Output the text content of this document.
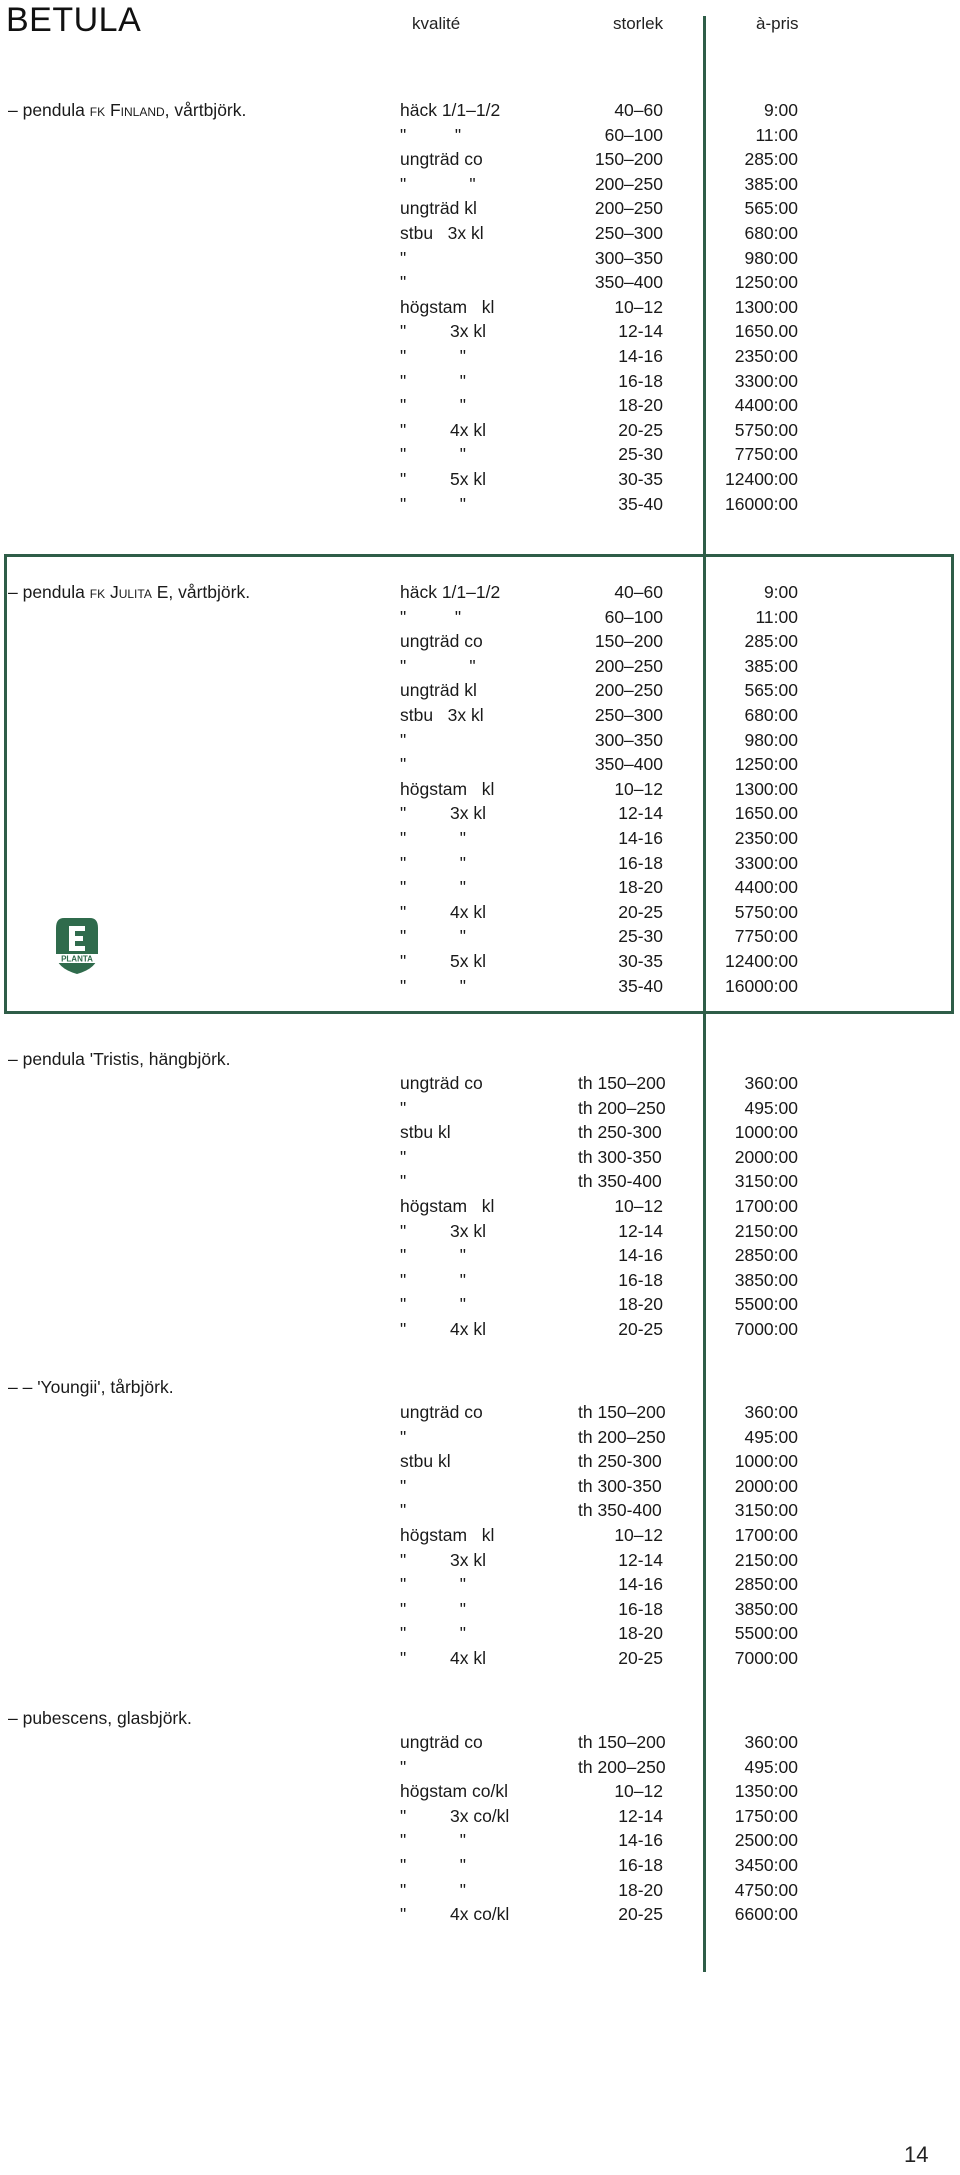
BETULA	kvalité	storlek	à-pris
– pendula fk Finland, vårtbjörk.	häck 1/1–1/2	40–60	9:00
"          "	60–100	11:00
ungträd co	150–200	285:00
"             "	200–250	385:00
ungträd kl	200–250	565:00
stbu   3x kl	250–300	680:00
"	300–350	980:00
"	350–400	1250:00
högstam   kl	10–12	1300:00
"         3x kl	12-14	1650.00
"           "	14-16	2350:00
"           "	16-18	3300:00
"           "	18-20	4400:00
"         4x kl	20-25	5750:00
"           "	25-30	7750:00
"         5x kl	30-35	12400:00
"           "	35-40	16000:00
– pendula fk Julita E, vårtbjörk.	häck 1/1–1/2	40–60	9:00
"          "	60–100	11:00
ungträd co	150–200	285:00
"             "	200–250	385:00
ungträd kl	200–250	565:00
stbu   3x kl	250–300	680:00
"	300–350	980:00
"	350–400	1250:00
högstam   kl	10–12	1300:00
"         3x kl	12-14	1650.00
"           "	14-16	2350:00
"           "	16-18	3300:00
"           "	18-20	4400:00
"         4x kl	20-25	5750:00
"           "	25-30	7750:00
"         5x kl	30-35	12400:00
"           "	35-40	16000:00
– pendula 'Tristis, hängbjörk.
ungträd co	th 150–200	360:00
"	th 200–250	495:00
stbu kl	th 250-300	1000:00
"	th 300-350	2000:00
"	th 350-400	3150:00
högstam   kl	10–12	1700:00
"         3x kl	12-14	2150:00
"           "	14-16	2850:00
"           "	16-18	3850:00
"           "	18-20	5500:00
"         4x kl	20-25	7000:00
– – 'Youngii', tårbjörk.
ungträd co	th 150–200	360:00
"	th 200–250	495:00
stbu kl	th 250-300	1000:00
"	th 300-350	2000:00
"	th 350-400	3150:00
högstam   kl	10–12	1700:00
"         3x kl	12-14	2150:00
"           "	14-16	2850:00
"           "	16-18	3850:00
"           "	18-20	5500:00
"         4x kl	20-25	7000:00
– pubescens, glasbjörk.
ungträd co	th 150–200	360:00
"	th 200–250	495:00
högstam co/kl	10–12	1350:00
"         3x co/kl	12-14	1750:00
"           "	14-16	2500:00
"           "	16-18	3450:00
"           "	18-20	4750:00
"         4x co/kl	20-25	6600:00
PLANTA
14
